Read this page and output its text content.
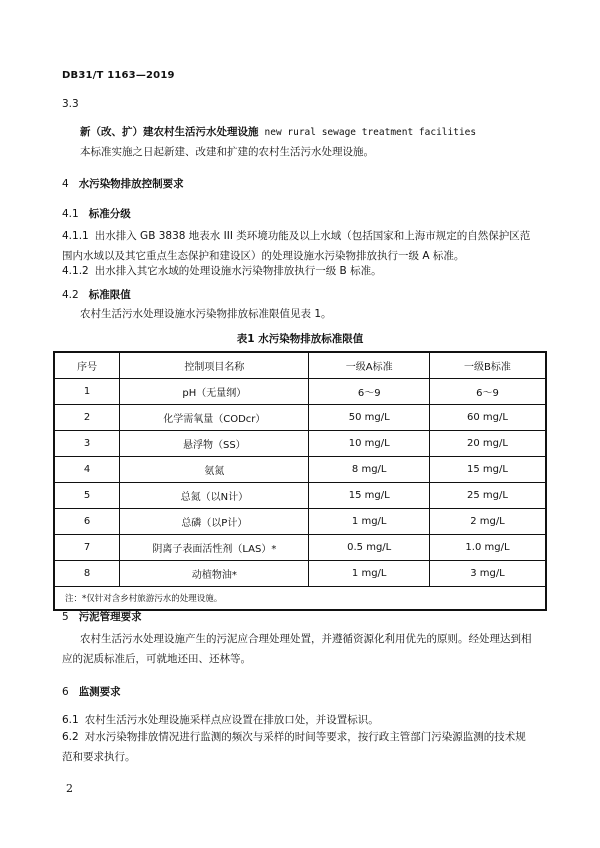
DB31/T 1163—2019
3.3
新（改、扩）建农村生活污水处理设施 new rural sewage treatment facilities
本标准实施之日起新建、改建和扩建的农村生活污水处理设施。
4 水污染物排放控制要求
4.1 标准分级
4.1.1 出水排入 GB 3838 地表水 III 类环境功能及以上水域（包括国家和上海市规定的自然保护区范
围内水域以及其它重点生态保护和建设区）的处理设施水污染物排放执行一级 A 标准。
4.1.2 出水排入其它水域的处理设施水污染物排放执行一级 B 标准。
4.2 标准限值
农村生活污水处理设施水污染物排放标准限值见表 1。
表1 水污染物排放标准限值
序号	控制项目名称	一级A标准	一级B标准
1	pH（无量纲）	6～9	6～9
2	化学需氧量（CODcr）	50 mg/L	60 mg/L
3	悬浮物（SS）	10 mg/L	20 mg/L
4	氨氮	8 mg/L	15 mg/L
5	总氮（以N计）	15 mg/L	25 mg/L
6	总磷（以P计）	1 mg/L	2 mg/L
7	阴离子表面活性剂（LAS）*	0.5 mg/L	1.0 mg/L
8	动植物油*	1 mg/L	3 mg/L
注：*仅针对含乡村旅游污水的处理设施。			
5 污泥管理要求
农村生活污水处理设施产生的污泥应合理处理处置，并遵循资源化利用优先的原则。经处理达到相
应的泥质标准后，可就地还田、还林等。
6 监测要求
6.1 农村生活污水处理设施采样点应设置在排放口处，并设置标识。
6.2 对水污染物排放情况进行监测的频次与采样的时间等要求，按行政主管部门污染源监测的技术规
范和要求执行。
2
